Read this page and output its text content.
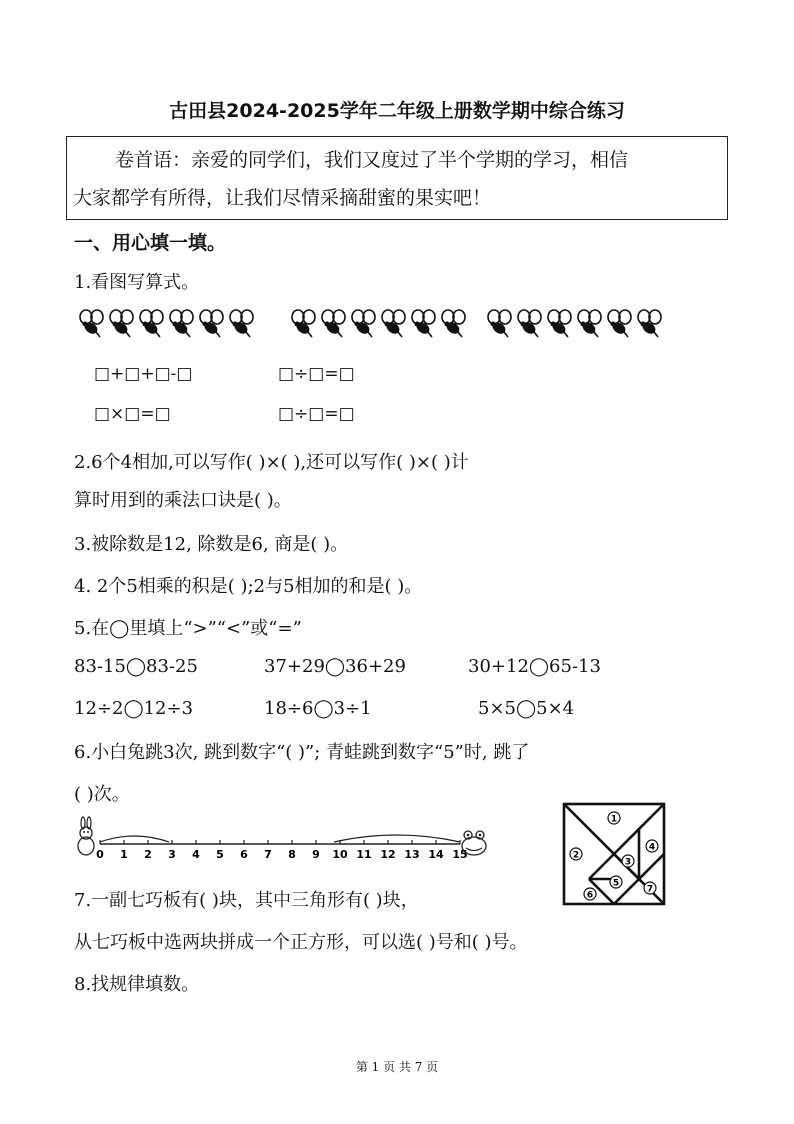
古田县2024-2025学年二年级上册数学期中综合练习
卷首语：亲爱的同学们，我们又度过了半个学期的学习，相信
大家都学有所得，让我们尽情采摘甜蜜的果实吧！
一、用心填一填。
1.看图写算式。
□+□+□-□	□÷□=□
□×□=□	□÷□=□
2.6个4相加,可以写作( )×( ),还可以写作( )×( )计
算时用到的乘法口诀是( )。
3.被除数是12, 除数是6, 商是( )。
4. 2个5相乘的积是( );2与5相加的和是( )。
5.在◯里填上“>”“<”或“=”
83-15◯83-25	37+29◯36+29	30+12◯65-13
12÷2◯12÷3	18÷6◯3÷1	5×5◯5×4
6.小白兔跳3次, 跳到数字“( )”; 青蛙跳到数字“5”时, 跳了
( )次。
0 1 2 3 4 5 6 7 8 9 10 11 12 13 14 15
1
2
3
4
5
6
7
7.一副七巧板有( )块，其中三角形有( )块，
从七巧板中选两块拼成一个正方形，可以选( )号和( )号。
8.找规律填数。
第 1 页 共 7 页
